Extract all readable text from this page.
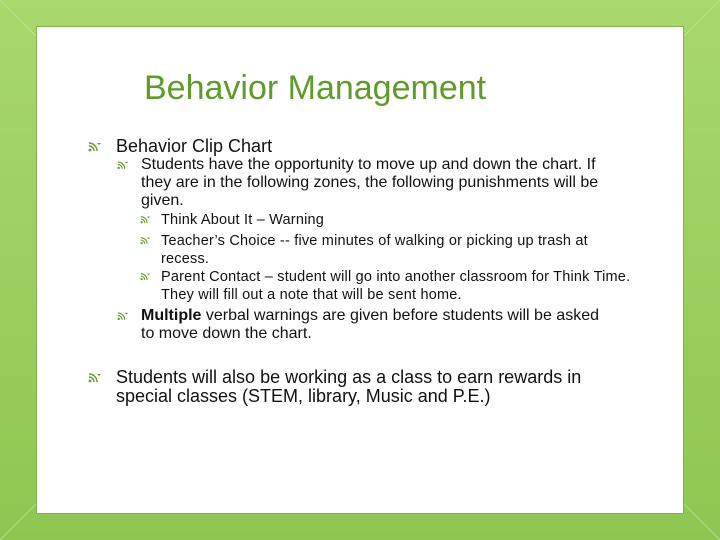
Behavior Management
Behavior Clip Chart
Students have the opportunity to move up and down the chart. If they are in the following zones, the following punishments will be given.
Think About It – Warning
Teacher’s Choice -- five minutes of walking or picking up trash at recess.
Parent Contact – student will go into another classroom for Think Time. They will fill out a note that will be sent home.
Multiple verbal warnings are given before students will be asked to move down the chart.
Students will also be working as a class to earn rewards in special classes (STEM, library, Music and P.E.)
